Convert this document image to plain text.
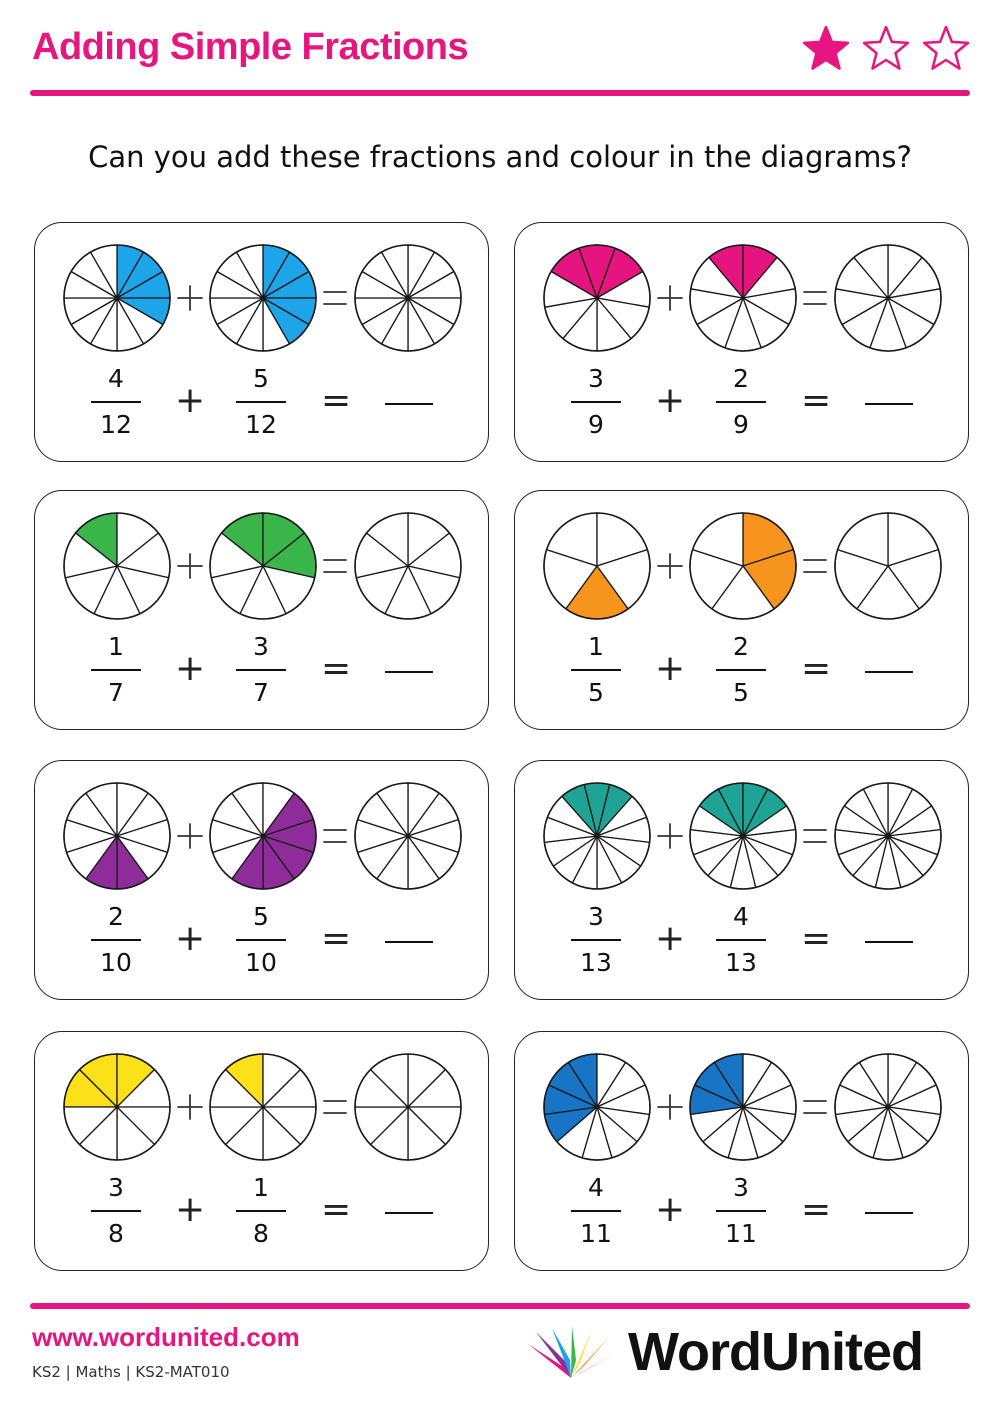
Adding Simple Fractions
Can you add these fractions and colour in the diagrams?
4
12
5
12
+	=
3
9
2
9
+	=
1
7
3
7
+	=
1
5
2
5
+	=
2
10
5
10
+	=
3
13
4
13
+	=
3
8
1
8
+	=
4
11
3
11
+	=
www.wordunited.com
KS2 | Maths | KS2-MAT010	WordUnited
